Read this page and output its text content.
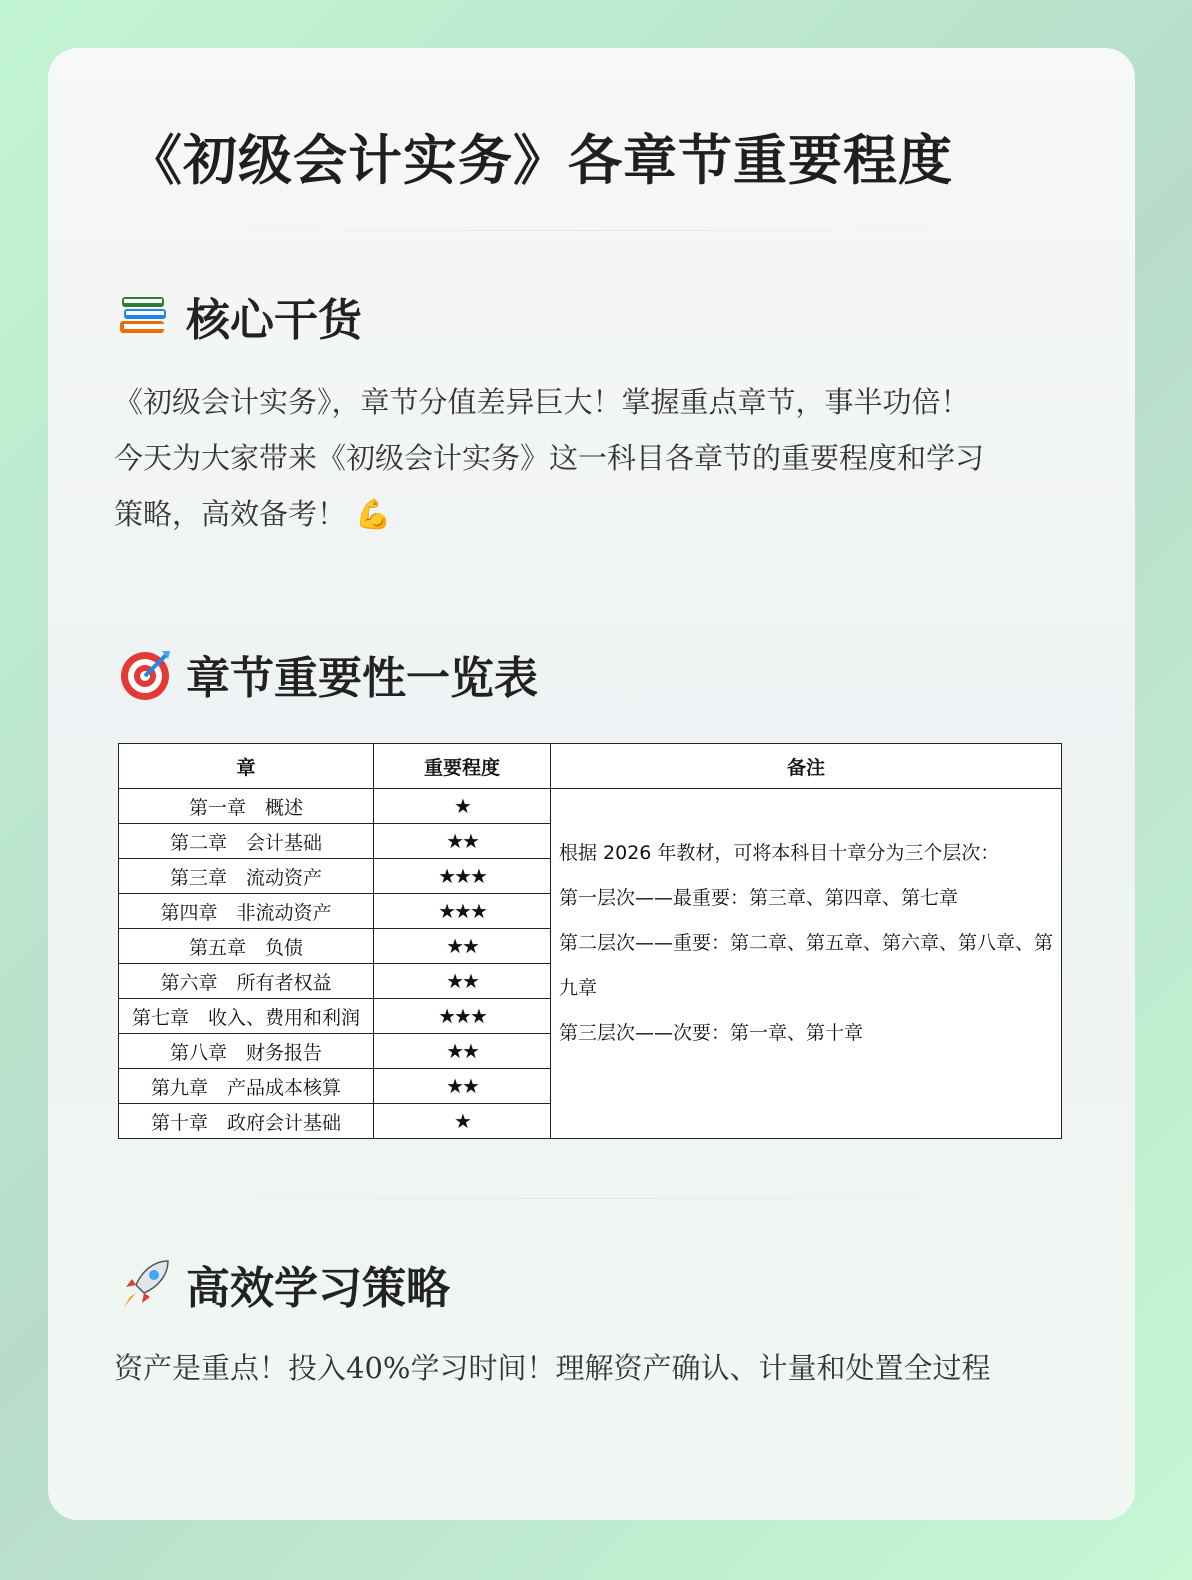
《初级会计实务》各章节重要程度
核心干货
《初级会计实务》，章节分值差异巨大！掌握重点章节，事半功倍！
今天为大家带来《初级会计实务》这一科目各章节的重要程度和学习
策略，高效备考！ 💪
章节重要性一览表
章	重要程度	备注
第一章　概述	★	根据 2026 年教材，可将本科目十章分为三个层次：
第一层次——最重要：第三章、第四章、第七章
第二层次——重要：第二章、第五章、第六章、第八章、第九章
第三层次——次要：第一章、第十章

第二章　会计基础	★★	
第三章　流动资产	★★★	
第四章　非流动资产	★★★	
第五章　负债	★★	
第六章　所有者权益	★★	
第七章　收入、费用和利润	★★★	
第八章　财务报告	★★	
第九章　产品成本核算	★★	
第十章　政府会计基础	★	
高效学习策略
资产是重点！投入40%学习时间！理解资产确认、计量和处置全过程
